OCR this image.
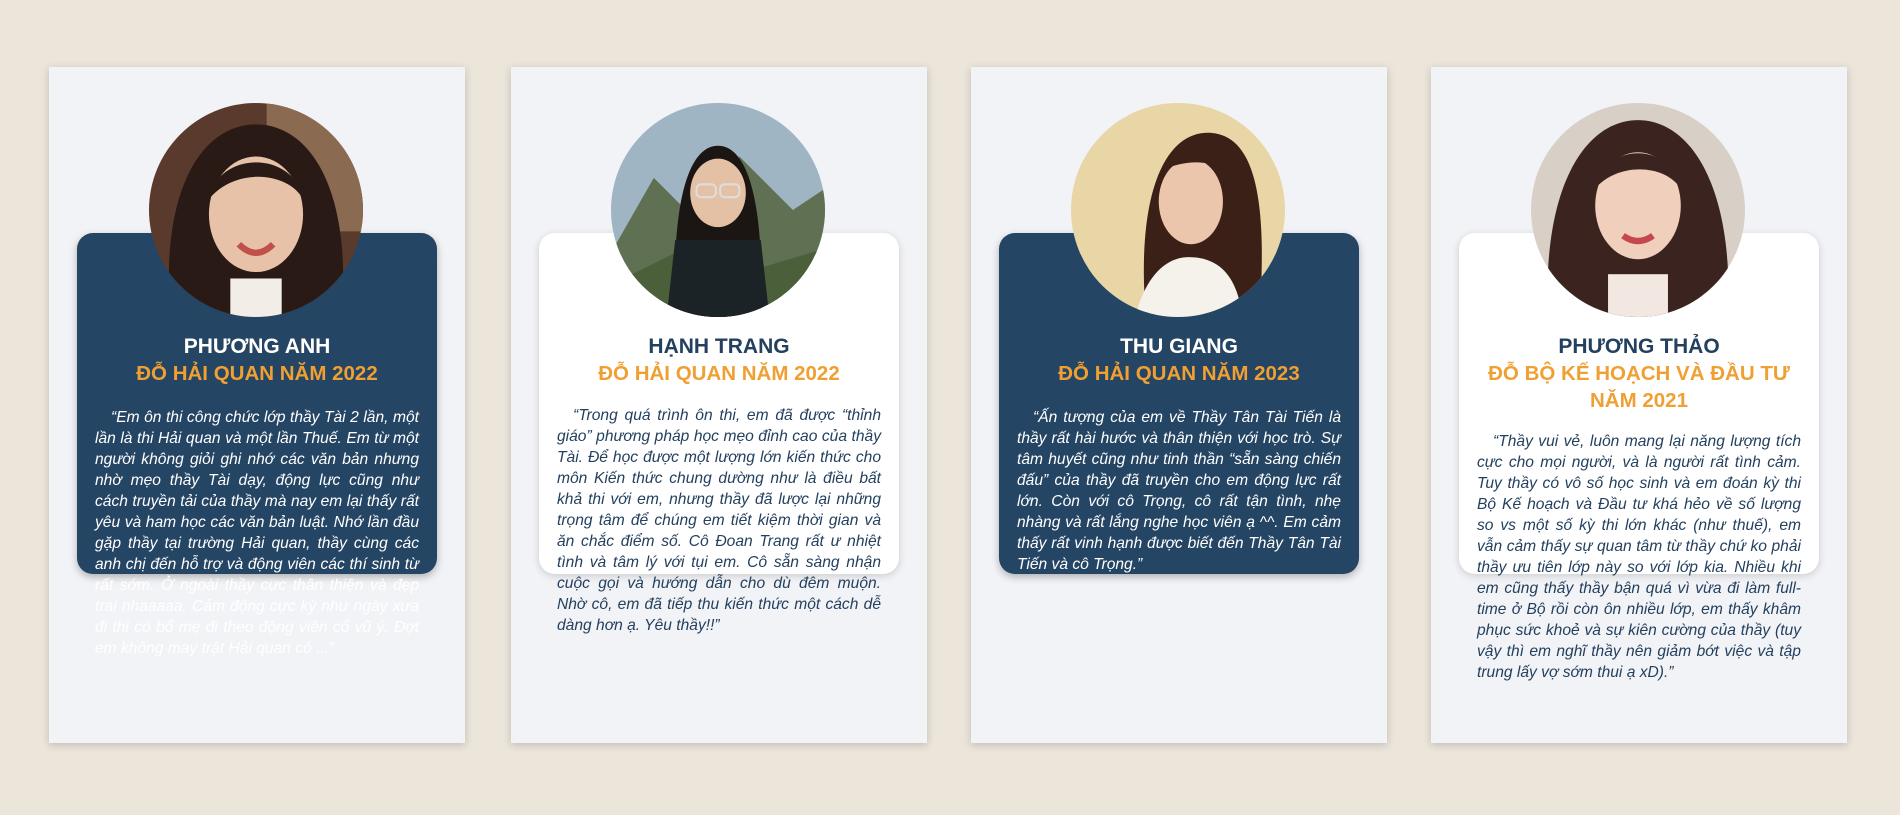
PHƯƠNG ANH
ĐỖ HẢI QUAN NĂM 2022
“Em ôn thi công chức lớp thầy Tài 2 lần, một lần là thi Hải quan và một lần Thuế. Em từ một người không giỏi ghi nhớ các văn bản nhưng nhờ mẹo thầy Tài dạy, động lực cũng như cách truyền tải của thầy mà nay em lại thấy rất yêu và ham học các văn bản luật. Nhớ lần đầu gặp thầy tại trường Hải quan, thầy cùng các anh chị đến hỗ trợ và động viên các thí sinh từ rất sớm. Ở ngoài thầy cực thân thiện và đẹp trai nhaaaaa. Cảm động cực kỳ như ngày xưa đi thi có bố mẹ đi theo động viên cổ vũ ý. Đợt em không may trật Hải quan có ...”
HẠNH TRANG
ĐỖ HẢI QUAN NĂM 2022
“Trong quá trình ôn thi, em đã được “thỉnh giáo” phương pháp học mẹo đỉnh cao của thầy Tài. Để học được một lượng lớn kiến thức cho môn Kiến thức chung dường như là điều bất khả thi với em, nhưng thầy đã lược lại những trọng tâm để chúng em tiết kiệm thời gian và ăn chắc điểm số. Cô Đoan Trang rất ư nhiệt tình và tâm lý với tụi em. Cô sẵn sàng nhận cuộc gọi và hướng dẫn cho dù đêm muộn. Nhờ cô, em đã tiếp thu kiến thức một cách dễ dàng hơn ạ. Yêu thầy!!”
THU GIANG
ĐỖ HẢI QUAN NĂM 2023
“Ấn tượng của em về Thầy Tân Tài Tiến là thầy rất hài hước và thân thiện với học trò. Sự tâm huyết cũng như tinh thần “sẵn sàng chiến đấu” của thầy đã truyền cho em động lực rất lớn. Còn với cô Trọng, cô rất tận tình, nhẹ nhàng và rất lắng nghe học viên ạ ^^. Em cảm thấy rất vinh hạnh được biết đến Thầy Tân Tài Tiến và cô Trọng.”
PHƯƠNG THẢO
ĐỖ BỘ KẾ HOẠCH VÀ ĐẦU TƯ NĂM 2021
“Thầy vui vẻ, luôn mang lại năng lượng tích cực cho mọi người, và là người rất tình cảm. Tuy thầy có vô số học sinh và em đoán kỳ thi Bộ Kế hoạch và Đầu tư khá hẻo về số lượng so vs một số kỳ thi lớn khác (như thuế), em vẫn cảm thấy sự quan tâm từ thầy chứ ko phải thầy ưu tiên lớp này so với lớp kia. Nhiều khi em cũng thấy thầy bận quá vì vừa đi làm full-time ở Bộ rồi còn ôn nhiều lớp, em thấy khâm phục sức khoẻ và sự kiên cường của thầy (tuy vậy thì em nghĩ thầy nên giảm bớt việc và tập trung lấy vợ sớm thui ạ xD).”
